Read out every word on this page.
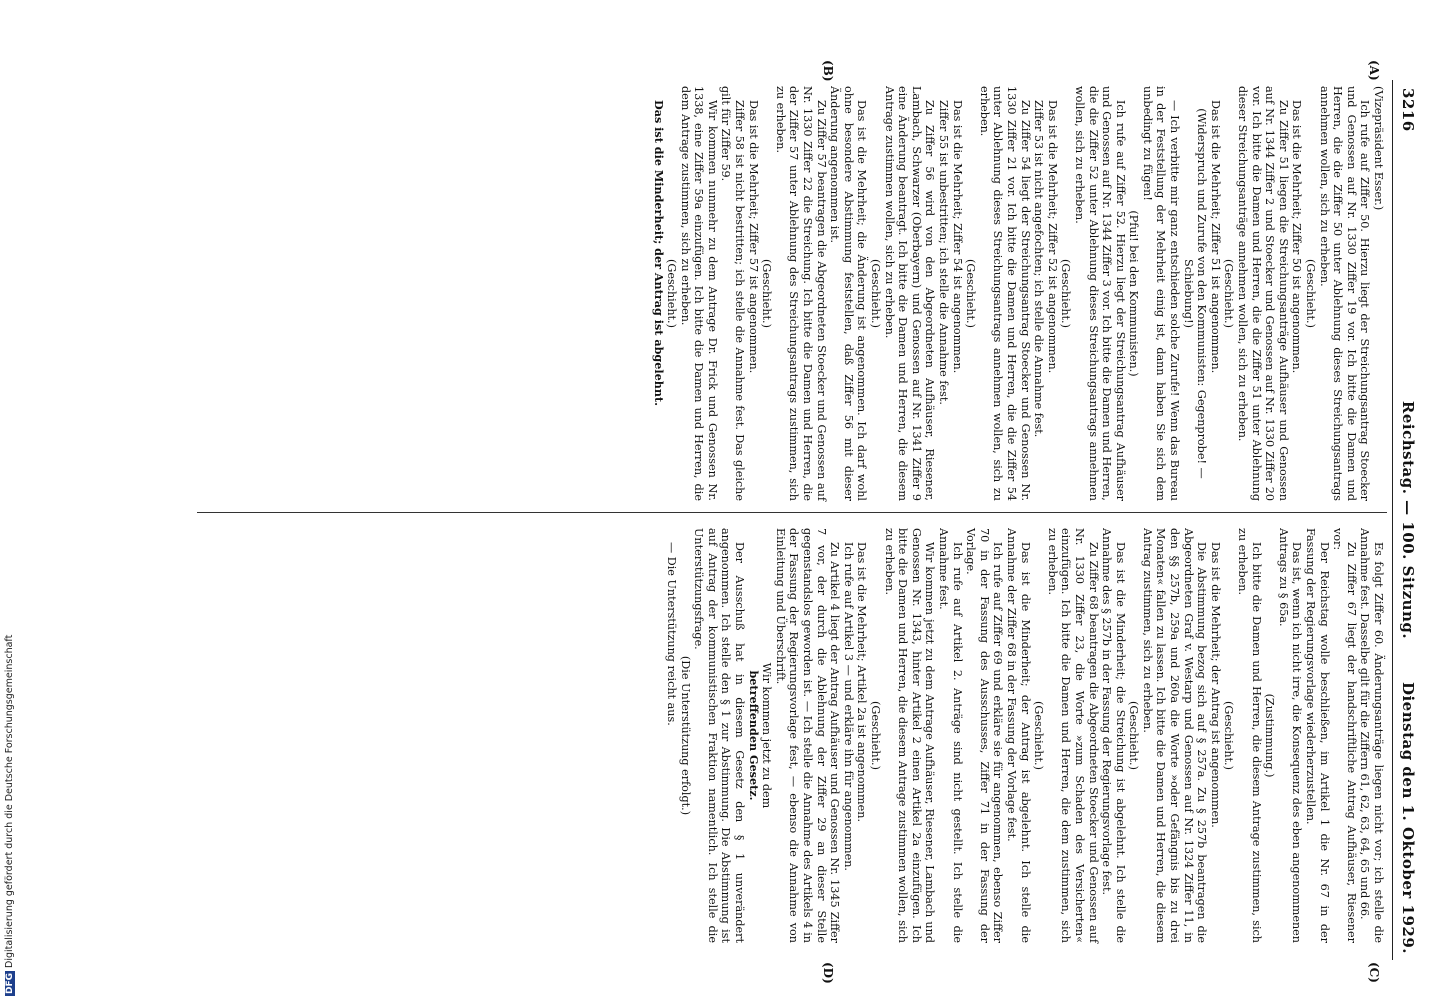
3216
Reichstag. — 100. Sitzung.
Dienstag den 1. Oktober 1929.
(A)
(B)
(C)
(D)

(Vizepräsident Esser.)

Ich rufe auf Ziffer 50. Hierzu liegt der Streichungsantrag Stoecker und Genossen auf Nr. 1330 Ziffer 19 vor. Ich bitte die Damen und Herren, die die Ziffer 50 unter Ablehnung dieses Streichungsantrags annehmen wollen, sich zu erheben.

(Geschieht.)

Das ist die Mehrheit; Ziffer 50 ist angenommen.

Zu Ziffer 51 liegen die Streichungsanträge Aufhäuser und Genossen auf Nr. 1344 Ziffer 2 und Stoecker und Genossen auf Nr. 1330 Ziffer 20 vor. Ich bitte die Damen und Herren, die die Ziffer 51 unter Ablehnung dieser Streichungsanträge annehmen wollen, sich zu erheben.

(Geschieht.)

Das ist die Mehrheit; Ziffer 51 ist angenommen.

(Widerspruch und Zurufe von den Kommunisten: Gegenprobe! — Schiebung!)

— Ich verbitte mir ganz entschieden solche Zurufe! Wenn das Bureau in der Feststellung der Mehrheit einig ist, dann haben Sie sich dem unbedingt zu fügen!

(Pfui! bei den Kommunisten.)

Ich rufe auf Ziffer 52. Hierzu liegt der Streichungsantrag Aufhäuser und Genossen auf Nr. 1344 Ziffer 3 vor. Ich bitte die Damen und Herren, die die Ziffer 52 unter Ablehnung dieses Streichungsantrags annehmen wollen, sich zu erheben.

(Geschieht.)

Das ist die Mehrheit; Ziffer 52 ist angenommen.

Ziffer 53 ist nicht angefochten; ich stelle die Annahme fest.

Zu Ziffer 54 liegt der Streichungsantrag Stoecker und Genossen Nr. 1330 Ziffer 21 vor. Ich bitte die Damen und Herren, die die Ziffer 54 unter Ablehnung dieses Streichungsantrags annehmen wollen, sich zu erheben.

(Geschieht.)

Das ist die Mehrheit; Ziffer 54 ist angenommen.

Ziffer 55 ist unbestritten; ich stelle die Annahme fest.

Zu Ziffer 56 wird von den Abgeordneten Aufhäuser, Riesener, Lambach, Schwarzer (Oberbayern) und Genossen auf Nr. 1341 Ziffer 9 eine Änderung beantragt. Ich bitte die Damen und Herren, die diesem Antrage zustimmen wollen, sich zu erheben.

(Geschieht.)

Das ist die Mehrheit; die Änderung ist angenommen. Ich darf wohl ohne besondere Abstimmung feststellen, daß Ziffer 56 mit dieser Änderung angenommen ist.

Zu Ziffer 57 beantragen die Abgeordneten Stoecker und Genossen auf Nr. 1330 Ziffer 22 die Streichung. Ich bitte die Damen und Herren, die der Ziffer 57 unter Ablehnung des Streichungsantrags zustimmen, sich zu erheben.

(Geschieht.)

Das ist die Mehrheit; Ziffer 57 ist angenommen.

Ziffer 58 ist nicht bestritten; ich stelle die Annahme fest. Das gleiche gilt für Ziffer 59.

Wir kommen nunmehr zu dem Antrage Dr. Frick und Genossen Nr. 1338, eine Ziffer 59a einzufügen. Ich bitte die Damen und Herren, die dem Antrage zustimmen, sich zu erheben.

(Geschieht.)

Das ist die Minderheit; der Antrag ist abgelehnt.

Es folgt Ziffer 60. Änderungsanträge liegen nicht vor; ich stelle die Annahme fest. Dasselbe gilt für die Ziffern 61, 62, 63, 64, 65 und 66.

Zu Ziffer 67 liegt der handschriftliche Antrag Aufhäuser, Riesener vor:

Der Reichstag wolle beschließen, im Artikel 1 die Nr. 67 in der Fassung der Regierungsvorlage wiederherzustellen.

Das ist, wenn ich nicht irre, die Konsequenz des eben angenommenen Antrags zu § 65a.

(Zustimmung.)

Ich bitte die Damen und Herren, die diesem Antrage zustimmen, sich zu erheben.

(Geschieht.)

Das ist die Mehrheit; der Antrag ist angenommen.

Die Abstimmung bezog sich auf § 257a. Zu § 257b beantragen die Abgeordneten Graf v. Westarp und Genossen auf Nr. 1324 Ziffer 11, in den §§ 257b, 259a und 260a die Worte »oder Gefängnis bis zu drei Monaten« fallen zu lassen. Ich bitte die Damen und Herren, die diesem Antrag zustimmen, sich zu erheben.

(Geschieht.)

Das ist die Minderheit; die Streichung ist abgelehnt. Ich stelle die Annahme des § 257b in der Fassung der Regierungsvorlage fest.

Zu Ziffer 68 beantragen die Abgeordneten Stoecker und Genossen auf Nr. 1330 Ziffer 23, die Worte »zum Schaden des Versicherten« einzufügen. Ich bitte die Damen und Herren, die dem zustimmen, sich zu erheben.

(Geschieht.)

Das ist die Minderheit; der Antrag ist abgelehnt. Ich stelle die Annahme der Ziffer 68 in der Fassung der Vorlage fest.

Ich rufe auf Ziffer 69 und erkläre sie für angenommen, ebenso Ziffer 70 in der Fassung des Ausschusses, Ziffer 71 in der Fassung der Vorlage.

Ich rufe auf Artikel 2. Anträge sind nicht gestellt. Ich stelle die Annahme fest.

Wir kommen jetzt zu dem Antrage Aufhäuser, Riesener, Lambach und Genossen Nr. 1343, hinter Artikel 2 einen Artikel 2a einzufügen. Ich bitte die Damen und Herren, die diesem Antrage zustimmen wollen, sich zu erheben.

(Geschieht.)

Das ist die Mehrheit; Artikel 2a ist angenommen.

Ich rufe auf Artikel 3 — und erkläre ihn für angenommen.

Zu Artikel 4 liegt der Antrag Aufhäuser und Genossen Nr. 1345 Ziffer 7 vor, der durch die Ablehnung der Ziffer 29 an dieser Stelle gegenstandslos geworden ist. — Ich stelle die Annahme des Artikels 4 in der Fassung der Regierungsvorlage fest, — ebenso die Annahme von Einleitung und Überschrift.

Wir kommen jetzt zu dem

betreffenden Gesetz.

Der Ausschuß hat in diesem Gesetz den § 1 unverändert angenommen. Ich stelle den § 1 zur Abstimmung. Die Abstimmung ist auf Antrag der kommunistischen Fraktion namentlich. Ich stelle die Unterstützungsfrage.

(Die Unterstützung erfolgt.)

— Die Unterstützung reicht aus.

DFGDigitalisierung gefördert durch die Deutsche Forschungsgemeinschaft
